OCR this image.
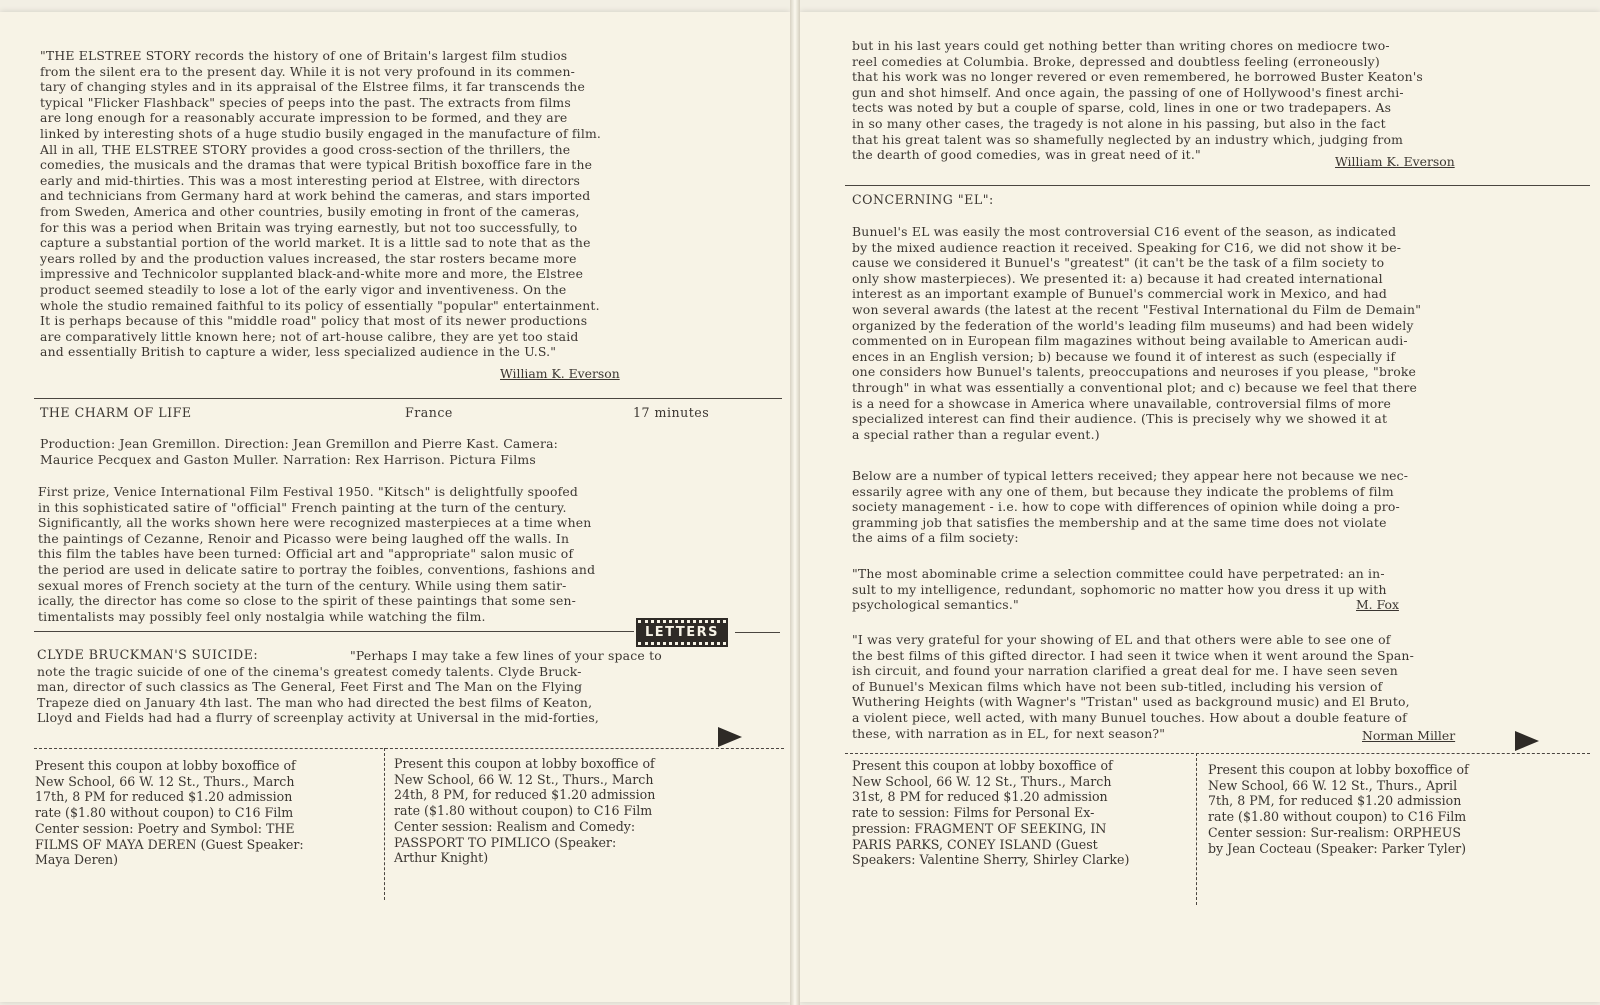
"THE ELSTREE STORY records the history of one of Britain's largest film studios
from the silent era to the present day. While it is not very profound in its commen-
tary of changing styles and in its appraisal of the Elstree films, it far transcends the
typical "Flicker Flashback" species of peeps into the past. The extracts from films
are long enough for a reasonably accurate impression to be formed, and they are
linked by interesting shots of a huge studio busily engaged in the manufacture of film.
All in all, THE ELSTREE STORY provides a good cross-section of the thrillers, the
comedies, the musicals and the dramas that were typical British boxoffice fare in the
early and mid-thirties. This was a most interesting period at Elstree, with directors
and technicians from Germany hard at work behind the cameras, and stars imported
from Sweden, America and other countries, busily emoting in front of the cameras,
for this was a period when Britain was trying earnestly, but not too successfully, to
capture a substantial portion of the world market. It is a little sad to note that as the
years rolled by and the production values increased, the star rosters became more
impressive and Technicolor supplanted black-and-white more and more, the Elstree
product seemed steadily to lose a lot of the early vigor and inventiveness. On the
whole the studio remained faithful to its policy of essentially "popular" entertainment.
It is perhaps because of this "middle road" policy that most of its newer productions
are comparatively little known here; not of art-house calibre, they are yet too staid
and essentially British to capture a wider, less specialized audience in the U.S."

William K. Everson
THE CHARM OF LIFE	France	17 minutes

Production: Jean Gremillon. Direction: Jean Gremillon and Pierre Kast. Camera:
Maurice Pecquex and Gaston Muller. Narration: Rex Harrison. Pictura Films

First prize, Venice International Film Festival 1950. "Kitsch" is delightfully spoofed
in this sophisticated satire of "official" French painting at the turn of the century.
Significantly, all the works shown here were recognized masterpieces at a time when
the paintings of Cezanne, Renoir and Picasso were being laughed off the walls. In
this film the tables have been turned: Official art and "appropriate" salon music of
the period are used in delicate satire to portray the foibles, conventions, fashions and
sexual mores of French society at the turn of the century. While using them satir-
ically, the director has come so close to the spirit of these paintings that some sen-
timentalists may possibly feel only nostalgia while watching the film.

LETTERS
CLYDE BRUCKMAN'S SUICIDE:	"Perhaps I may take a few lines of your space to
note the tragic suicide of one of the cinema's greatest comedy talents. Clyde Bruck-
man, director of such classics as The General, Feet First and The Man on the Flying
Trapeze died on January 4th last. The man who had directed the best films of Keaton,
Lloyd and Fields had had a flurry of screenplay activity at Universal in the mid-forties,

Present this coupon at lobby boxoffice of
New School, 66 W. 12 St., Thurs., March
17th, 8 PM for reduced $1.20 admission
rate ($1.80 without coupon) to C16 Film
Center session: Poetry and Symbol: THE
FILMS OF MAYA DEREN (Guest Speaker:
Maya Deren)

Present this coupon at lobby boxoffice of
New School, 66 W. 12 St., Thurs., March
24th, 8 PM, for reduced $1.20 admission
rate ($1.80 without coupon) to C16 Film
Center session: Realism and Comedy:
PASSPORT TO PIMLICO (Speaker:
Arthur Knight)

but in his last years could get nothing better than writing chores on mediocre two-
reel comedies at Columbia. Broke, depressed and doubtless feeling (erroneously)
that his work was no longer revered or even remembered, he borrowed Buster Keaton's
gun and shot himself. And once again, the passing of one of Hollywood's finest archi-
tects was noted by but a couple of sparse, cold, lines in one or two tradepapers. As
in so many other cases, the tragedy is not alone in his passing, but also in the fact
that his great talent was so shamefully neglected by an industry which, judging from
the dearth of good comedies, was in great need of it."	William K. Everson
CONCERNING "EL":

Bunuel's EL was easily the most controversial C16 event of the season, as indicated
by the mixed audience reaction it received. Speaking for C16, we did not show it be-
cause we considered it Bunuel's "greatest" (it can't be the task of a film society to
only show masterpieces). We presented it: a) because it had created international
interest as an important example of Bunuel's commercial work in Mexico, and had
won several awards (the latest at the recent "Festival International du Film de Demain"
organized by the federation of the world's leading film museums) and had been widely
commented on in European film magazines without being available to American audi-
ences in an English version; b) because we found it of interest as such (especially if
one considers how Bunuel's talents, preoccupations and neuroses if you please, "broke
through" in what was essentially a conventional plot; and c) because we feel that there
is a need for a showcase in America where unavailable, controversial films of more
specialized interest can find their audience. (This is precisely why we showed it at
a special rather than a regular event.)

Below are a number of typical letters received; they appear here not because we nec-
essarily agree with any one of them, but because they indicate the problems of film
society management - i.e. how to cope with differences of opinion while doing a pro-
gramming job that satisfies the membership and at the same time does not violate
the aims of a film society:

"The most abominable crime a selection committee could have perpetrated: an in-
sult to my intelligence, redundant, sophomoric no matter how you dress it up with
psychological semantics."	M. Fox

"I was very grateful for your showing of EL and that others were able to see one of
the best films of this gifted director. I had seen it twice when it went around the Span-
ish circuit, and found your narration clarified a great deal for me. I have seen seven
of Bunuel's Mexican films which have not been sub-titled, including his version of
Wuthering Heights (with Wagner's "Tristan" used as background music) and El Bruto,
a violent piece, well acted, with many Bunuel touches. How about a double feature of
these, with narration as in EL, for next season?"	Norman Miller

Present this coupon at lobby boxoffice of
New School, 66 W. 12 St., Thurs., March
31st, 8 PM for reduced $1.20 admission
rate to session: Films for Personal Ex-
pression: FRAGMENT OF SEEKING, IN
PARIS PARKS, CONEY ISLAND (Guest
Speakers: Valentine Sherry, Shirley Clarke)

Present this coupon at lobby boxoffice of
New School, 66 W. 12 St., Thurs., April
7th, 8 PM, for reduced $1.20 admission
rate ($1.80 without coupon) to C16 Film
Center session: Sur-realism: ORPHEUS
by Jean Cocteau (Speaker: Parker Tyler)
